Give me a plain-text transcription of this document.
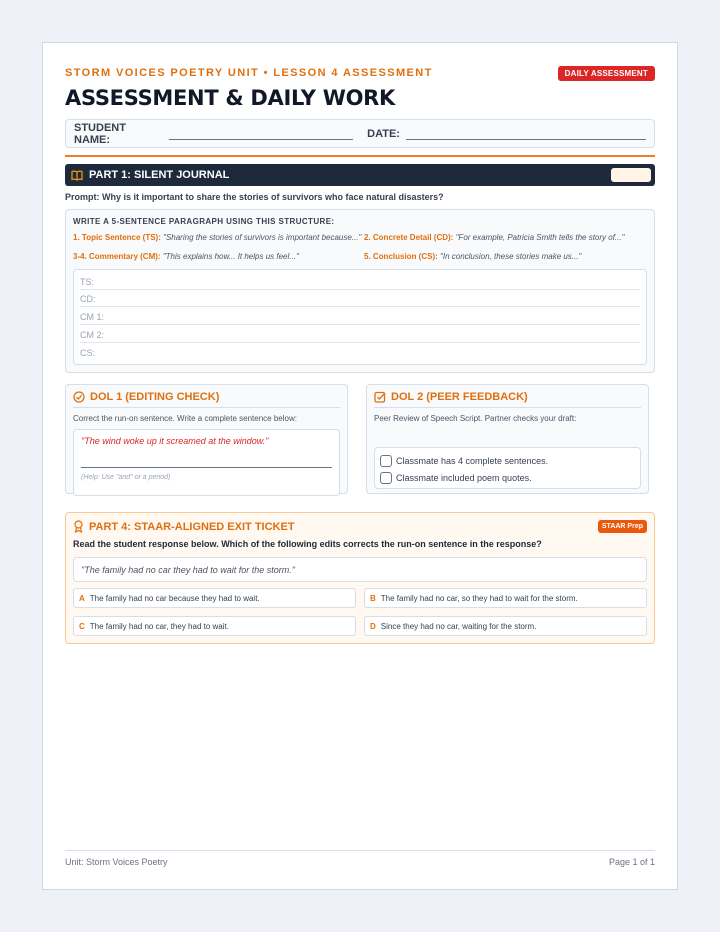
STORM VOICES POETRY UNIT • LESSON 4 ASSESSMENT	DAILY ASSESSMENT
ASSESSMENT & DAILY WORK
STUDENT NAME:	DATE:
PART 1: SILENT JOURNAL
Prompt: Why is it important to share the stories of survivors who face natural disasters?
WRITE A 5-SENTENCE PARAGRAPH USING THIS STRUCTURE:
1. Topic Sentence (TS): "Sharing the stories of survivors is important because..." 2. Concrete Detail (CD): "For example, Patricia Smith tells the story of..."
3-4. Commentary (CM): "This explains how... It helps us feel..."	5. Conclusion (CS): "In conclusion, these stories make us..."
TS:
CD:
CM 1:
CM 2:
CS:
DOL 1 (EDITING CHECK)
Correct the run-on sentence. Write a complete sentence below:
"The wind woke up it screamed at the window."
(Help: Use "and" or a period)
DOL 2 (PEER FEEDBACK)
Peer Review of Speech Script. Partner checks your draft:
Classmate has 4 complete sentences.
Classmate included poem quotes.
PART 4: STAAR-ALIGNED EXIT TICKET	STAAR Prep
Read the student response below. Which of the following edits corrects the run-on sentence in the response?
"The family had no car they had to wait for the storm."
A The family had no car because they had to wait.	B The family had no car, so they had to wait for the storm.
C The family had no car, they had to wait.	D Since they had no car, waiting for the storm.
Unit: Storm Voices Poetry	Page 1 of 1
